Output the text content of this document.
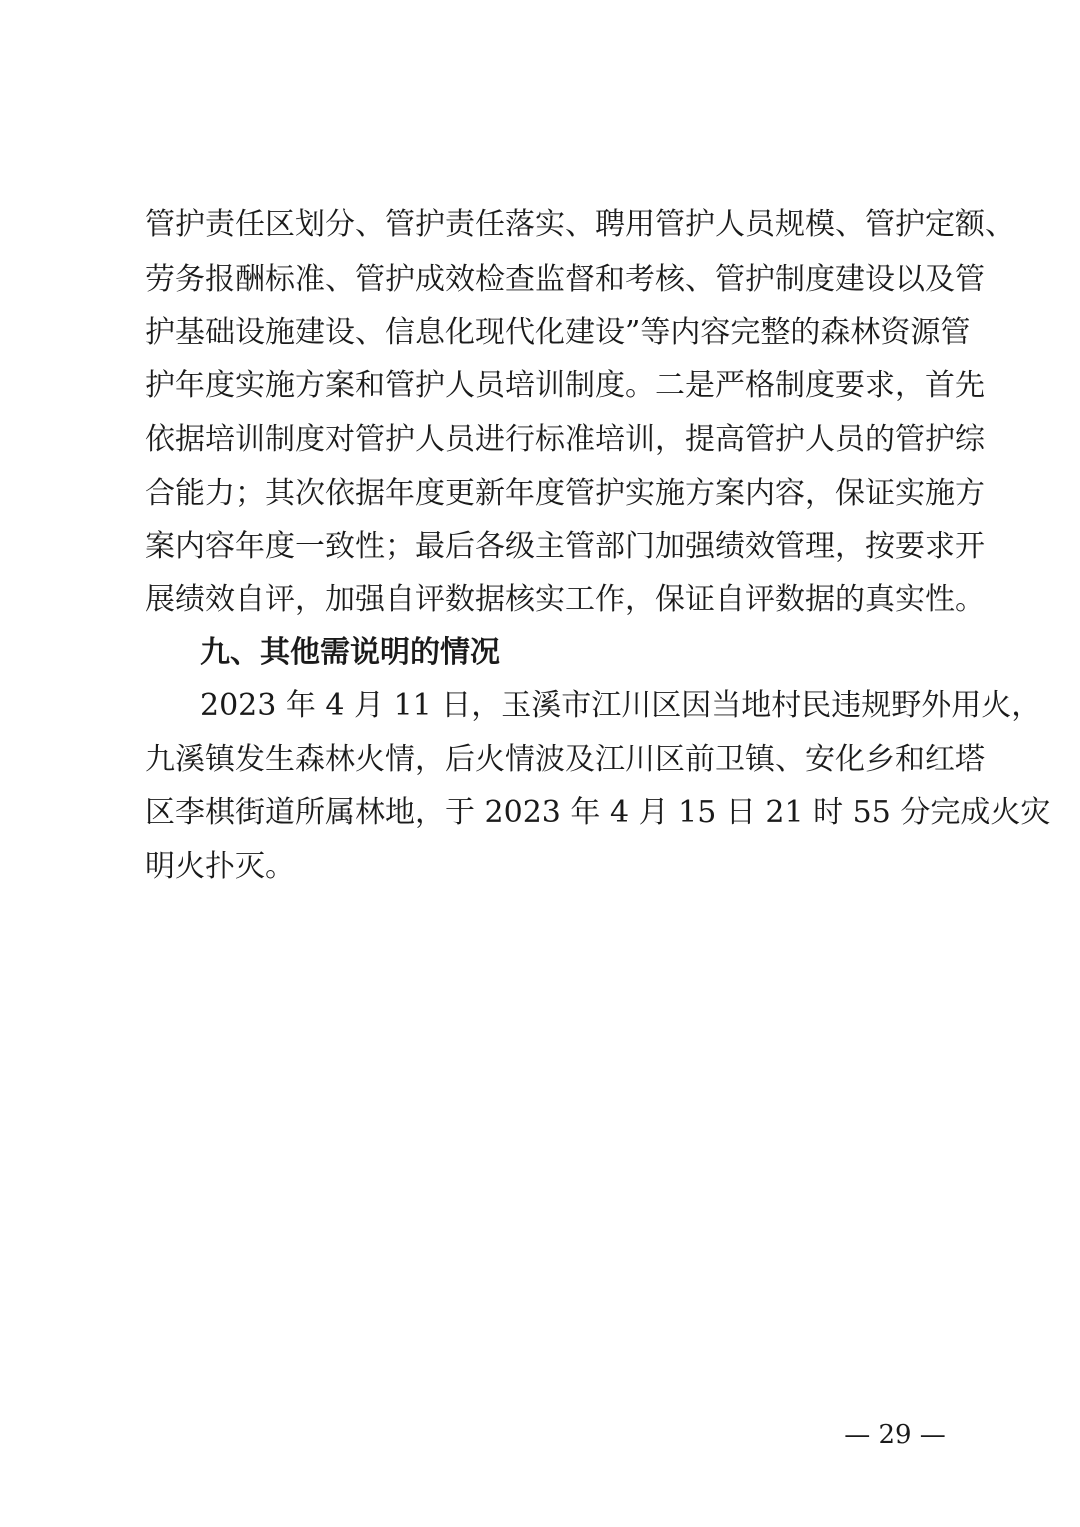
管护责任区划分、管护责任落实、聘用管护人员规模、管护定额、
劳务报酬标准、管护成效检查监督和考核、管护制度建设以及管
护基础设施建设、信息化现代化建设”等内容完整的森林资源管
护年度实施方案和管护人员培训制度。二是严格制度要求，首先
依据培训制度对管护人员进行标准培训，提高管护人员的管护综
合能力；其次依据年度更新年度管护实施方案内容，保证实施方
案内容年度一致性；最后各级主管部门加强绩效管理，按要求开
展绩效自评，加强自评数据核实工作，保证自评数据的真实性。
九、其他需说明的情况
2023 年 4 月 11 日，玉溪市江川区因当地村民违规野外用火，
九溪镇发生森林火情，后火情波及江川区前卫镇、安化乡和红塔
区李棋街道所属林地，于 2023 年 4 月 15 日 21 时 55 分完成火灾
明火扑灭。
— 29 —
